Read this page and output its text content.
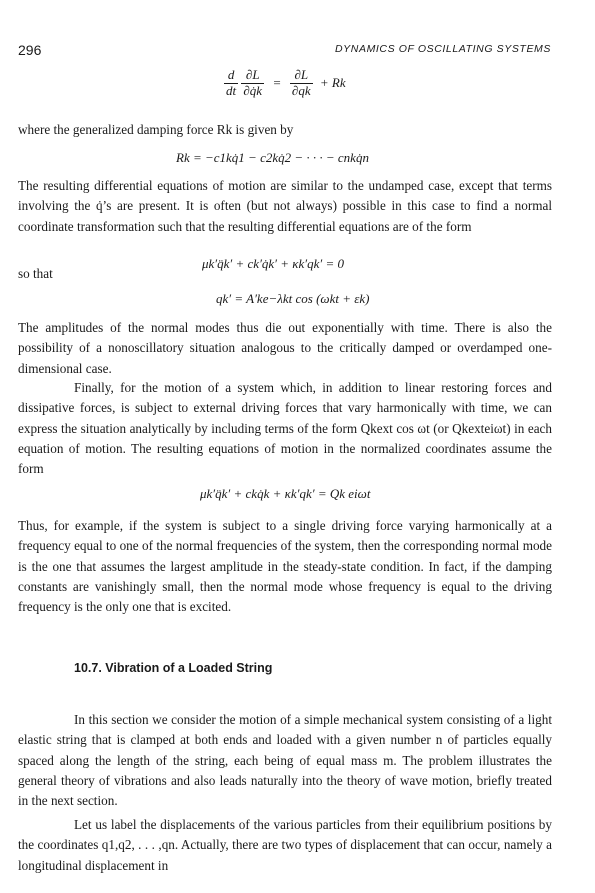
296	DYNAMICS OF OSCILLATING SYSTEMS
$\frac{d}{dt}$
$\frac{\partial L}{\partial q̇k} = \frac{\partial L}{\partial qk} + Rk$

where the generalized damping force Rk is given by

Rk = −c1kq̇1 − c2kq̇2 − · · · − cnkq̇n

The resulting differential equations of motion are similar to the undamped case, except that terms involving the q̇’s are present. It is often (but not always) possible in this case to find a normal coordinate transformation such that the resulting differential equations are of the form

μk′q̈k′ + ck′q̇k′ + κk′qk′ = 0

so that

qk′ = A′ke−λkt cos (ωkt + εk)

The amplitudes of the normal modes thus die out exponentially with time. There is also the possibility of a nonoscillatory situation analogous to the critically damped or overdamped one-dimensional case.

Finally, for the motion of a system which, in addition to linear restoring forces and dissipative forces, is subject to external driving forces that vary harmonically with time, we can express the situation analytically by including terms of the form Qkext cos ωt (or Qkexteiωt) in each equation of motion. The resulting equations of motion in the normalized coordinates assume the form

μk′q̈k′ + ckq̇k + κk′qk′ = Qk eiωt

Thus, for example, if the system is subject to a single driving force varying harmonically at a frequency equal to one of the normal frequencies of the system, then the corresponding normal mode is the one that assumes the largest amplitude in the steady-state condition. In fact, if the damping constants are vanishingly small, then the normal mode whose frequency is equal to the driving frequency is the only one that is excited.

10.7. Vibration of a Loaded String

In this section we consider the motion of a simple mechanical system consisting of a light elastic string that is clamped at both ends and loaded with a given number n of particles equally spaced along the length of the string, each being of equal mass m. The problem illustrates the general theory of vibrations and also leads naturally into the theory of wave motion, briefly treated in the next section.

Let us label the displacements of the various particles from their equilibrium positions by the coordinates q1,q2, . . . ,qn. Actually, there are two types of displacement that can occur, namely a longitudinal displacement in
